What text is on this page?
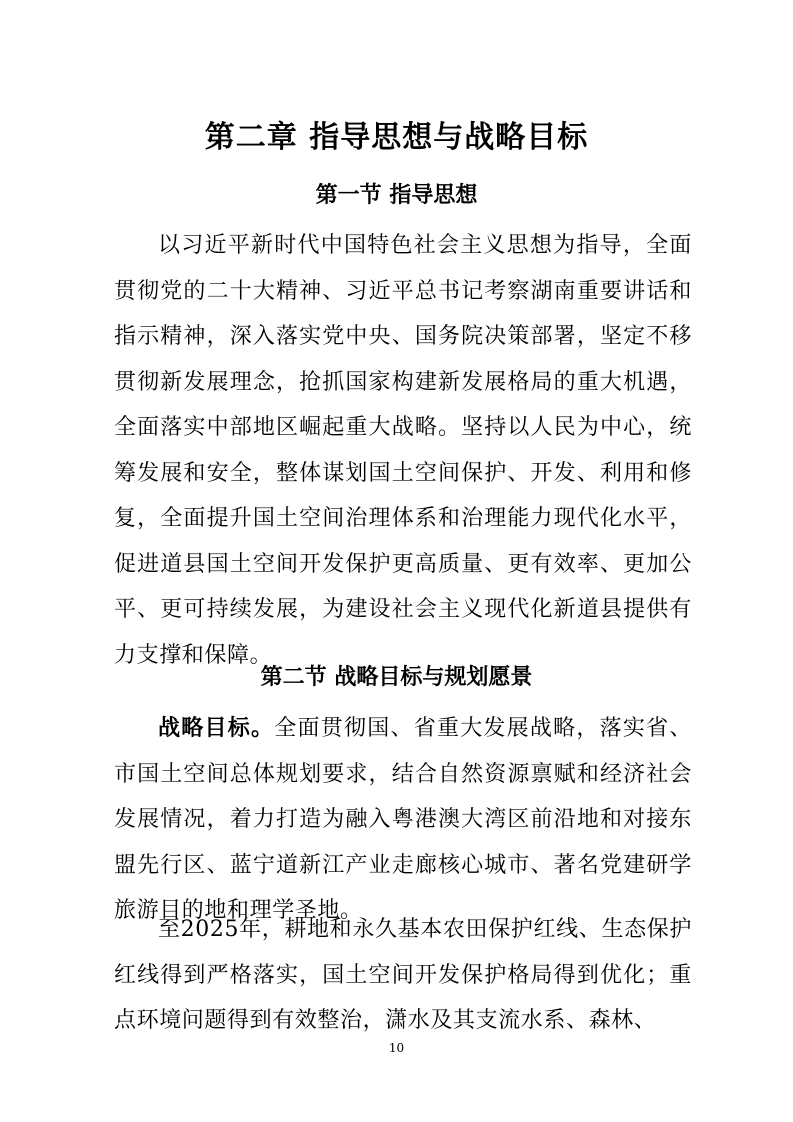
第二章 指导思想与战略目标
第一节 指导思想

以习近平新时代中国特色社会主义思想为指导，全面贯彻党的二十大精神、习近平总书记考察湖南重要讲话和指示精神，深入落实党中央、国务院决策部署，坚定不移贯彻新发展理念，抢抓国家构建新发展格局的重大机遇，全面落实中部地区崛起重大战略。坚持以人民为中心，统筹发展和安全，整体谋划国土空间保护、开发、利用和修复，全面提升国土空间治理体系和治理能力现代化水平，促进道县国土空间开发保护更高质量、更有效率、更加公平、更可持续发展，为建设社会主义现代化新道县提供有力支撑和保障。

第二节 战略目标与规划愿景

战略目标。全面贯彻国、省重大发展战略，落实省、市国土空间总体规划要求，结合自然资源禀赋和经济社会发展情况，着力打造为融入粤港澳大湾区前沿地和对接东盟先行区、蓝宁道新江产业走廊核心城市、著名党建研学旅游目的地和理学圣地。

至2025年，耕地和永久基本农田保护红线、生态保护红线得到严格落实，国土空间开发保护格局得到优化；重点环境问题得到有效整治，潇水及其支流水系、森林、

10
